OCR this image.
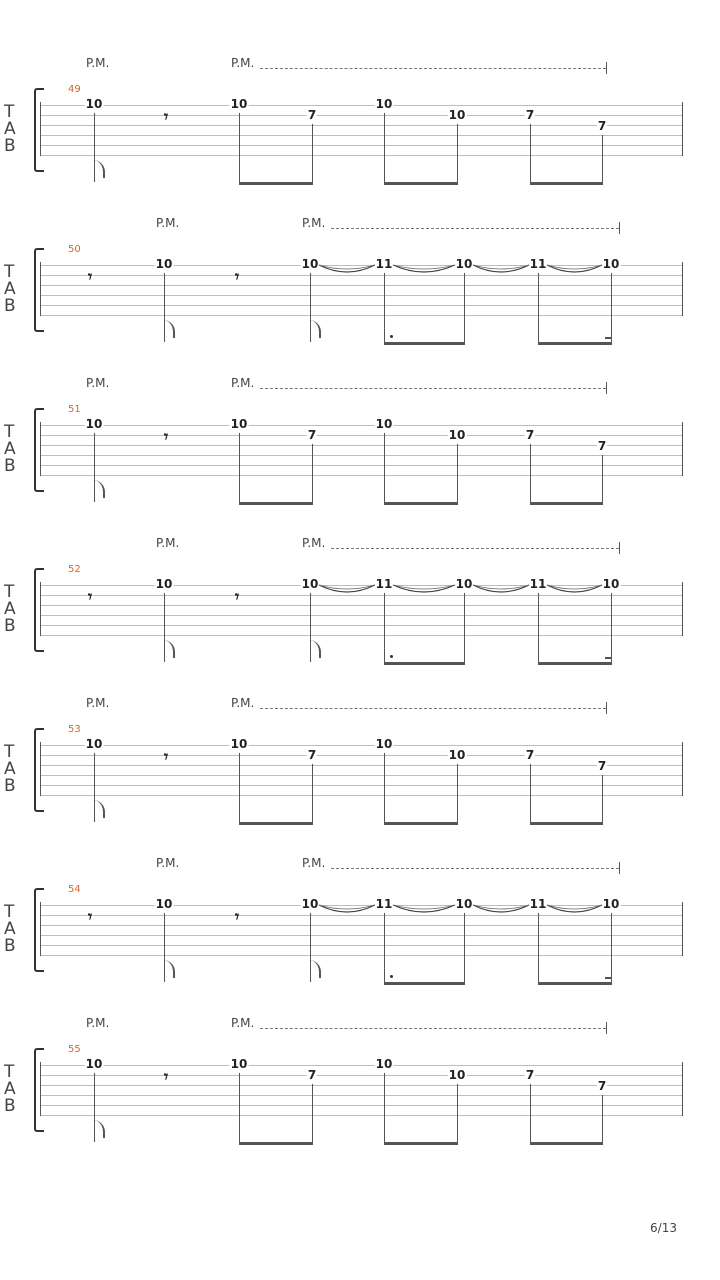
P.M.	P.M.
49
T
A
B
10	10
7
10
10	7
7
𝄾
P.M.	P.M.
50
T
A
B
𝄾	𝄾
10	10	11	10	11	10
P.M.	P.M.
51
T
A
B
10	10
7
10
10	7
7
𝄾
P.M.	P.M.
52
T
A
B
𝄾	𝄾
10	10	11	10	11	10
P.M.	P.M.
53
T
A
B
10	10
7
10
10	7
7
𝄾
P.M.	P.M.
54
T
A
B
𝄾	𝄾
10	10	11	10	11	10
P.M.	P.M.
55
T
A
B
10	10
7
10
10	7
7
𝄾
6/13
